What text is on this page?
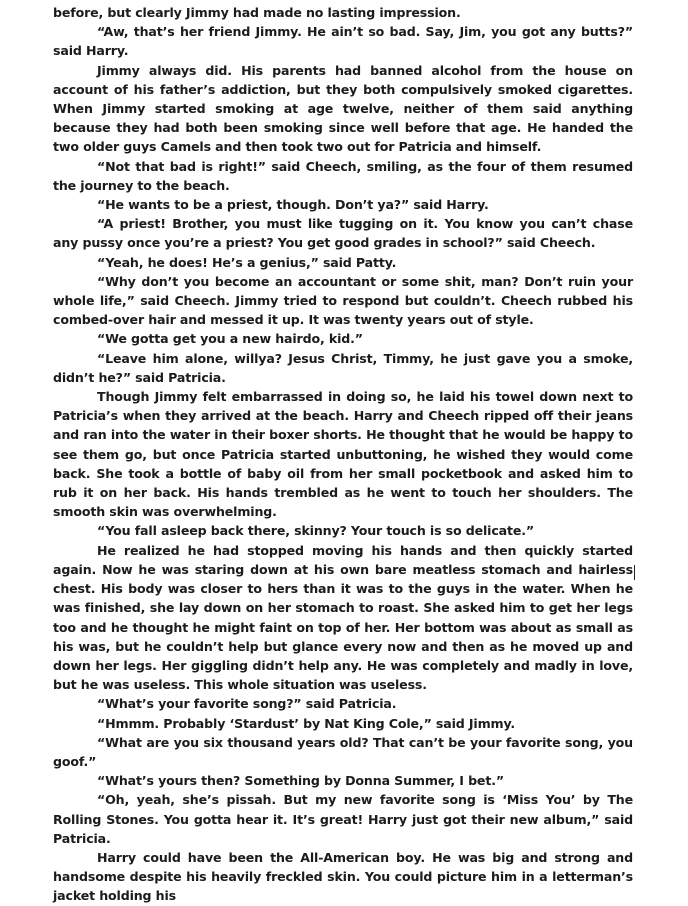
before, but clearly Jimmy had made no lasting impression.

“Aw, that’s her friend Jimmy. He ain’t so bad. Say, Jim, you got any butts?” said Harry.

Jimmy always did. His parents had banned alcohol from the house on account of his father’s addiction, but they both compulsively smoked cigarettes. When Jimmy started smoking at age twelve, neither of them said anything because they had both been smoking since well before that age. He handed the two older guys Camels and then took two out for Patricia and himself.

“Not that bad is right!” said Cheech, smiling, as the four of them resumed the journey to the beach.

“He wants to be a priest, though. Don’t ya?” said Harry.

“A priest! Brother, you must like tugging on it. You know you can’t chase any pussy once you’re a priest? You get good grades in school?” said Cheech.

“Yeah, he does! He’s a genius,” said Patty.

“Why don’t you become an accountant or some shit, man? Don’t ruin your whole life,” said Cheech. Jimmy tried to respond but couldn’t. Cheech rubbed his combed-over hair and messed it up. It was twenty years out of style.

“We gotta get you a new hairdo, kid.”

“Leave him alone, willya? Jesus Christ, Timmy, he just gave you a smoke, didn’t he?” said Patricia.

Though Jimmy felt embarrassed in doing so, he laid his towel down next to Patricia’s when they arrived at the beach. Harry and Cheech ripped off their jeans and ran into the water in their boxer shorts. He thought that he would be happy to see them go, but once Patricia started unbuttoning, he wished they would come back. She took a bottle of baby oil from her small pocketbook and asked him to rub it on her back. His hands trembled as he went to touch her shoulders. The smooth skin was overwhelming.

“You fall asleep back there, skinny? Your touch is so delicate.”

He realized he had stopped moving his hands and then quickly started again. Now he was staring down at his own bare meatless stomach and hairless chest. His body was closer to hers than it was to the guys in the water. When he was finished, she lay down on her stomach to roast. She asked him to get her legs too and he thought he might faint on top of her. Her bottom was about as small as his was, but he couldn’t help but glance every now and then as he moved up and down her legs. Her giggling didn’t help any. He was completely and madly in love, but he was useless. This whole situation was useless.

“What’s your favorite song?” said Patricia.

“Hmmm. Probably ‘Stardust’ by Nat King Cole,” said Jimmy.

“What are you six thousand years old? That can’t be your favorite song, you goof.”

“What’s yours then? Something by Donna Summer, I bet.”

“Oh, yeah, she’s pissah. But my new favorite song is ‘Miss You’ by The Rolling Stones. You gotta hear it. It’s great! Harry just got their new album,” said Patricia.

Harry could have been the All-American boy. He was big and strong and handsome despite his heavily freckled skin. You could picture him in a letterman’s jacket holding his
